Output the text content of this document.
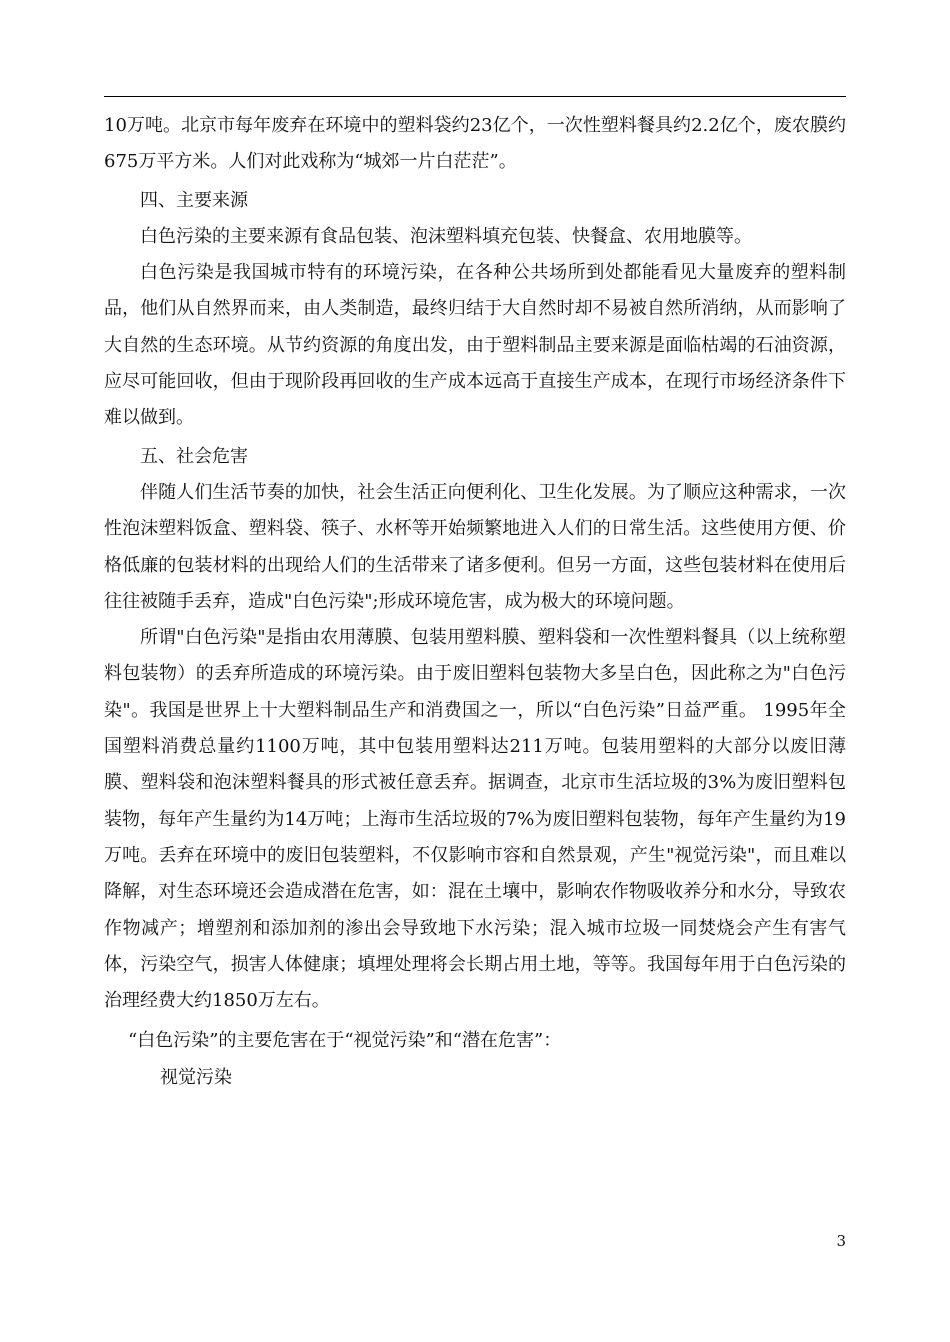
10万吨。北京市每年废弃在环境中的塑料袋约23亿个，一次性塑料餐具约2.2亿个，废农膜约675万平方米。人们对此戏称为“城郊一片白茫茫”。

四、主要来源

白色污染的主要来源有食品包装、泡沫塑料填充包装、快餐盒、农用地膜等。

白色污染是我国城市特有的环境污染，在各种公共场所到处都能看见大量废弃的塑料制品，他们从自然界而来，由人类制造，最终归结于大自然时却不易被自然所消纳，从而影响了大自然的生态环境。从节约资源的角度出发，由于塑料制品主要来源是面临枯竭的石油资源，应尽可能回收，但由于现阶段再回收的生产成本远高于直接生产成本，在现行市场经济条件下难以做到。

五、社会危害

伴随人们生活节奏的加快，社会生活正向便利化、卫生化发展。为了顺应这种需求，一次性泡沫塑料饭盒、塑料袋、筷子、水杯等开始频繁地进入人们的日常生活。这些使用方便、价格低廉的包装材料的出现给人们的生活带来了诸多便利。但另一方面，这些包装材料在使用后往往被随手丢弃，造成"白色污染";形成环境危害，成为极大的环境问题。

所谓"白色污染"是指由农用薄膜、包装用塑料膜、塑料袋和一次性塑料餐具（以上统称塑料包装物）的丢弃所造成的环境污染。由于废旧塑料包装物大多呈白色，因此称之为"白色污染"。我国是世界上十大塑料制品生产和消费国之一，所以“白色污染”日益严重。 1995年全国塑料消费总量约1100万吨，其中包装用塑料达211万吨。包装用塑料的大部分以废旧薄膜、塑料袋和泡沫塑料餐具的形式被任意丢弃。据调查，北京市生活垃圾的3%为废旧塑料包装物，每年产生量约为14万吨；上海市生活垃圾的7%为废旧塑料包装物，每年产生量约为19万吨。丢弃在环境中的废旧包装塑料，不仅影响市容和自然景观，产生"视觉污染"，而且难以降解，对生态环境还会造成潜在危害，如：混在土壤中，影响农作物吸收养分和水分，导致农作物减产；增塑剂和添加剂的渗出会导致地下水污染；混入城市垃圾一同焚烧会产生有害气体，污染空气，损害人体健康；填埋处理将会长期占用土地，等等。我国每年用于白色污染的治理经费大约1850万左右。

“白色污染”的主要危害在于“视觉污染”和“潜在危害”：

视觉污染

3
